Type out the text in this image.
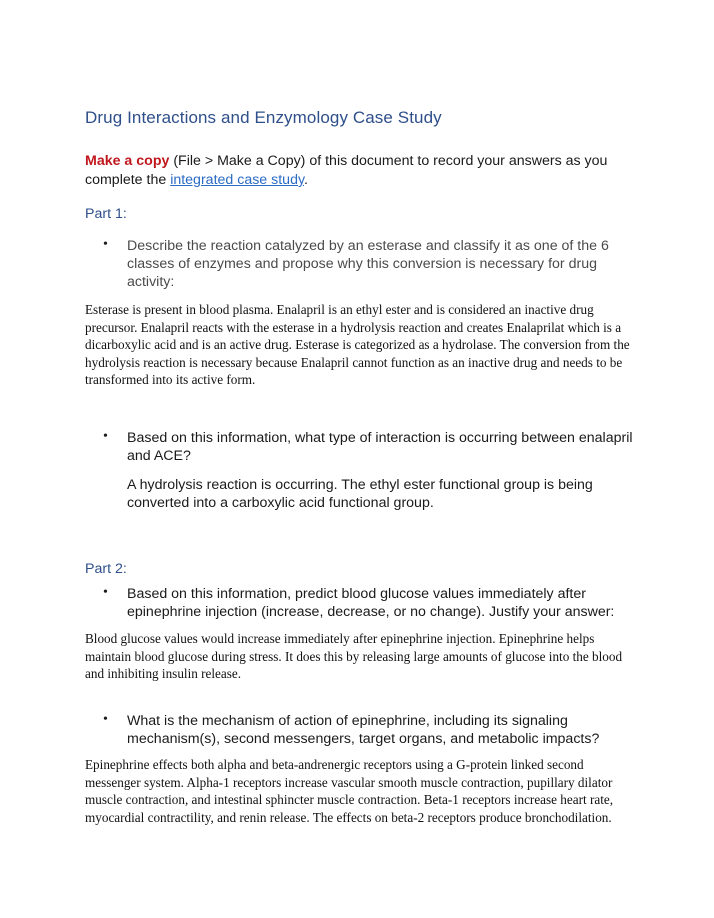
Drug Interactions and Enzymology Case Study
Make a copy (File > Make a Copy) of this document to record your answers as you complete the integrated case study.
Part 1:
• Describe the reaction catalyzed by an esterase and classify it as one of the 6 classes of enzymes and propose why this conversion is necessary for drug activity:
Esterase is present in blood plasma. Enalapril is an ethyl ester and is considered an inactive drug precursor. Enalapril reacts with the esterase in a hydrolysis reaction and creates Enalaprilat which is a dicarboxylic acid and is an active drug. Esterase is categorized as a hydrolase. The conversion from the hydrolysis reaction is necessary because Enalapril cannot function as an inactive drug and needs to be transformed into its active form.
• Based on this information, what type of interaction is occurring between enalapril and ACE?
A hydrolysis reaction is occurring. The ethyl ester functional group is being converted into a carboxylic acid functional group.
Part 2:
• Based on this information, predict blood glucose values immediately after epinephrine injection (increase, decrease, or no change). Justify your answer:
Blood glucose values would increase immediately after epinephrine injection. Epinephrine helps maintain blood glucose during stress. It does this by releasing large amounts of glucose into the blood and inhibiting insulin release.
• What is the mechanism of action of epinephrine, including its signaling mechanism(s), second messengers, target organs, and metabolic impacts?
Epinephrine effects both alpha and beta-andrenergic receptors using a G-protein linked second messenger system. Alpha-1 receptors increase vascular smooth muscle contraction, pupillary dilator muscle contraction, and intestinal sphincter muscle contraction. Beta-1 receptors increase heart rate, myocardial contractility, and renin release. The effects on beta-2 receptors produce bronchodilation.
